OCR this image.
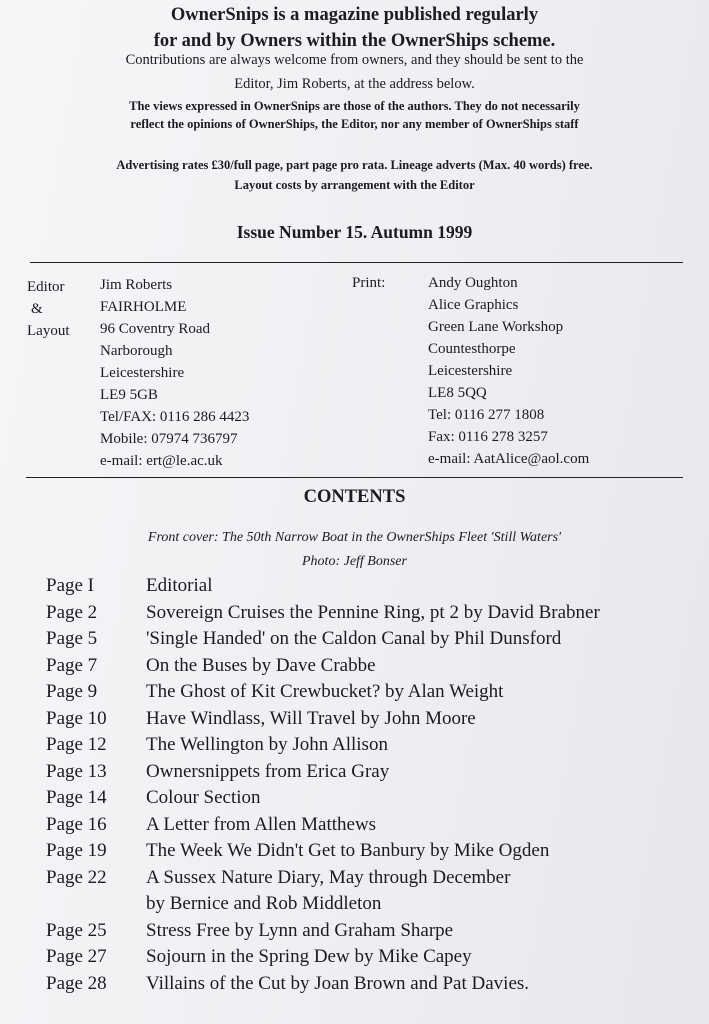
OwnerSnips is a magazine published regularly
for and by Owners within the OwnerShips scheme.
Contributions are always welcome from owners, and they should be sent to the
Editor, Jim Roberts, at the address below.
The views expressed in OwnerSnips are those of the authors. They do not necessarily
reflect the opinions of OwnerShips, the Editor, nor any member of OwnerShips staff
Advertising rates £30/full page, part page pro rata. Lineage adverts (Max. 40 words) free.
Layout costs by arrangement with the Editor
Issue Number 15. Autumn 1999
Editor
&
Layout
Jim Roberts
FAIRHOLME
96 Coventry Road
Narborough
Leicestershire
LE9 5GB
Tel/FAX: 0116 286 4423
Mobile: 07974 736797
e-mail: ert@le.ac.uk
Print:	Andy Oughton
Alice Graphics
Green Lane Workshop
Countesthorpe
Leicestershire
LE8 5QQ
Tel: 0116 277 1808
Fax: 0116 278 3257
e-mail: AatAlice@aol.com
CONTENTS
Front cover: The 50th Narrow Boat in the OwnerShips Fleet 'Still Waters'
Photo: Jeff Bonser
Page I	Editorial
Page 2	Sovereign Cruises the Pennine Ring, pt 2 by David Brabner
Page 5	'Single Handed' on the Caldon Canal by Phil Dunsford
Page 7	On the Buses by Dave Crabbe
Page 9	The Ghost of Kit Crewbucket? by Alan Weight
Page 10	Have Windlass, Will Travel by John Moore
Page 12	The Wellington by John Allison
Page 13	Ownersnippets from Erica Gray
Page 14	Colour Section
Page 16	A Letter from Allen Matthews
Page 19	The Week We Didn't Get to Banbury by Mike Ogden
Page 22	A Sussex Nature Diary, May through December
by Bernice and Rob Middleton
Page 25	Stress Free by Lynn and Graham Sharpe
Page 27	Sojourn in the Spring Dew by Mike Capey
Page 28	Villains of the Cut by Joan Brown and Pat Davies.
